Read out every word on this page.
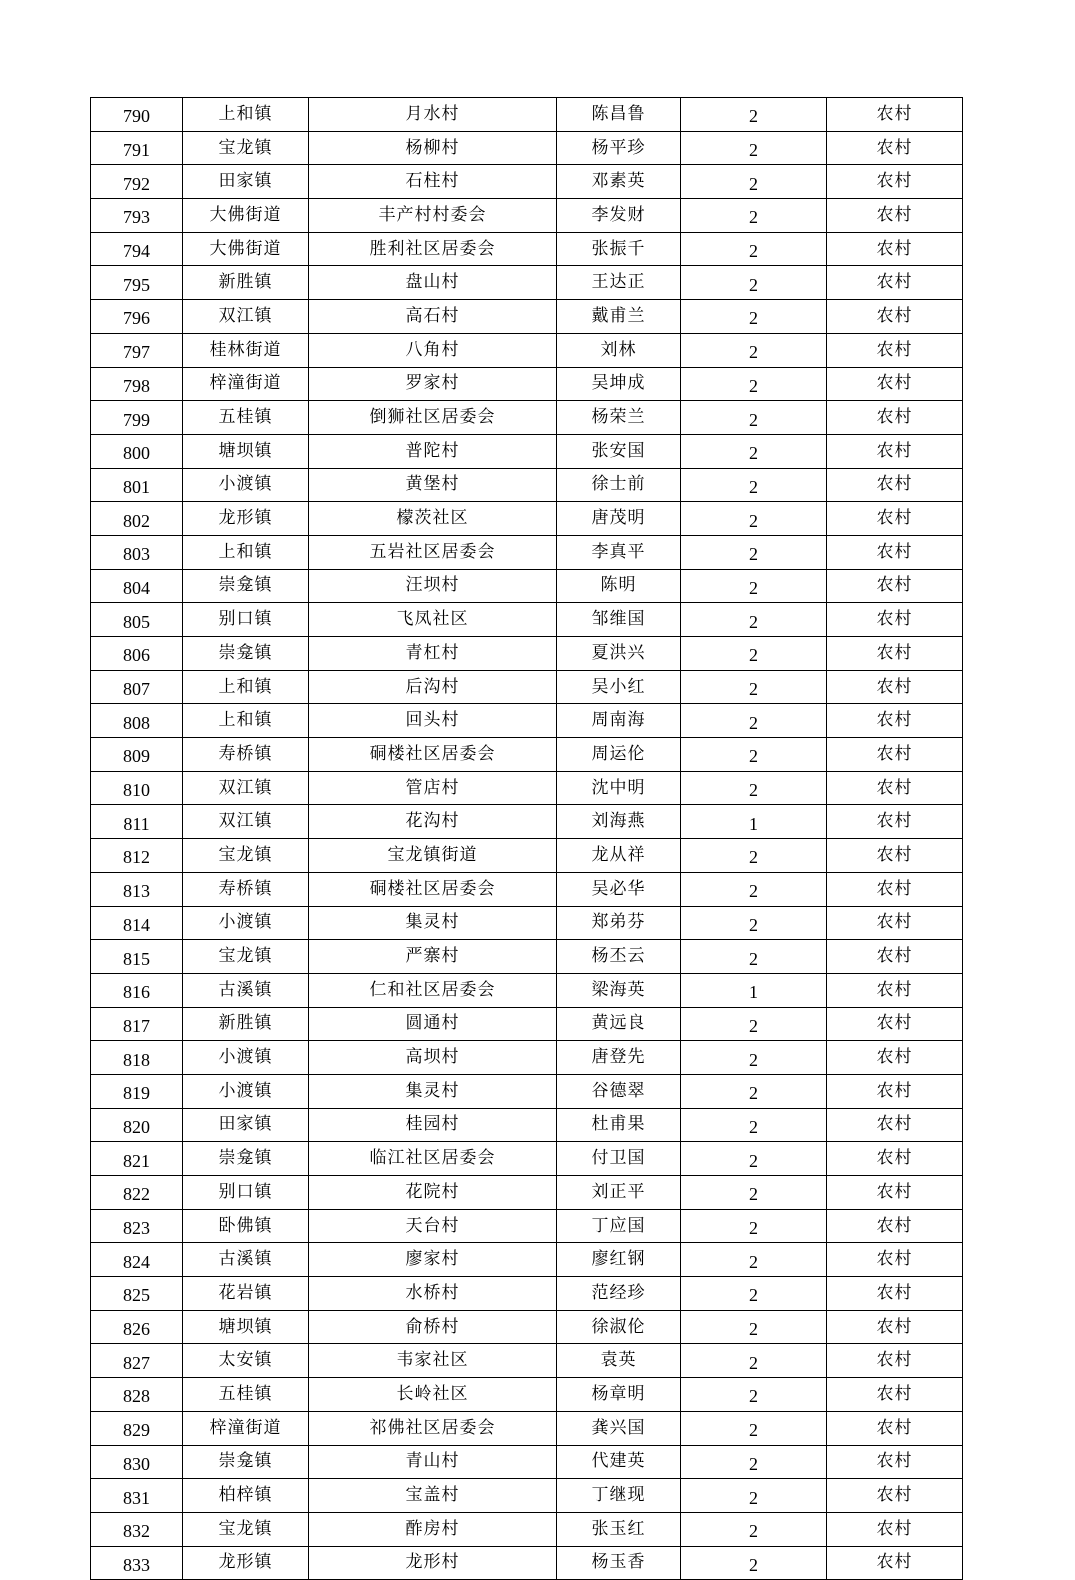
790	上和镇	月水村	陈昌鲁	2	农村
791	宝龙镇	杨柳村	杨平珍	2	农村
792	田家镇	石柱村	邓素英	2	农村
793	大佛街道	丰产村村委会	李发财	2	农村
794	大佛街道	胜利社区居委会	张振千	2	农村
795	新胜镇	盘山村	王达正	2	农村
796	双江镇	高石村	戴甫兰	2	农村
797	桂林街道	八角村	刘林	2	农村
798	梓潼街道	罗家村	吴坤成	2	农村
799	五桂镇	倒狮社区居委会	杨荣兰	2	农村
800	塘坝镇	普陀村	张安国	2	农村
801	小渡镇	黄堡村	徐士前	2	农村
802	龙形镇	檬茨社区	唐茂明	2	农村
803	上和镇	五岩社区居委会	李真平	2	农村
804	崇龛镇	汪坝村	陈明	2	农村
805	别口镇	飞凤社区	邹维国	2	农村
806	崇龛镇	青杠村	夏洪兴	2	农村
807	上和镇	后沟村	吴小红	2	农村
808	上和镇	回头村	周南海	2	农村
809	寿桥镇	硐楼社区居委会	周运伦	2	农村
810	双江镇	管店村	沈中明	2	农村
811	双江镇	花沟村	刘海燕	1	农村
812	宝龙镇	宝龙镇街道	龙从祥	2	农村
813	寿桥镇	硐楼社区居委会	吴必华	2	农村
814	小渡镇	集灵村	郑弟芬	2	农村
815	宝龙镇	严寨村	杨丕云	2	农村
816	古溪镇	仁和社区居委会	梁海英	1	农村
817	新胜镇	圆通村	黄远良	2	农村
818	小渡镇	高坝村	唐登先	2	农村
819	小渡镇	集灵村	谷德翠	2	农村
820	田家镇	桂园村	杜甫果	2	农村
821	崇龛镇	临江社区居委会	付卫国	2	农村
822	别口镇	花院村	刘正平	2	农村
823	卧佛镇	天台村	丁应国	2	农村
824	古溪镇	廖家村	廖红钢	2	农村
825	花岩镇	水桥村	范经珍	2	农村
826	塘坝镇	俞桥村	徐淑伦	2	农村
827	太安镇	韦家社区	袁英	2	农村
828	五桂镇	长岭社区	杨章明	2	农村
829	梓潼街道	祁佛社区居委会	龚兴国	2	农村
830	崇龛镇	青山村	代建英	2	农村
831	柏梓镇	宝盖村	丁继现	2	农村
832	宝龙镇	酢房村	张玉红	2	农村
833	龙形镇	龙形村	杨玉香	2	农村
